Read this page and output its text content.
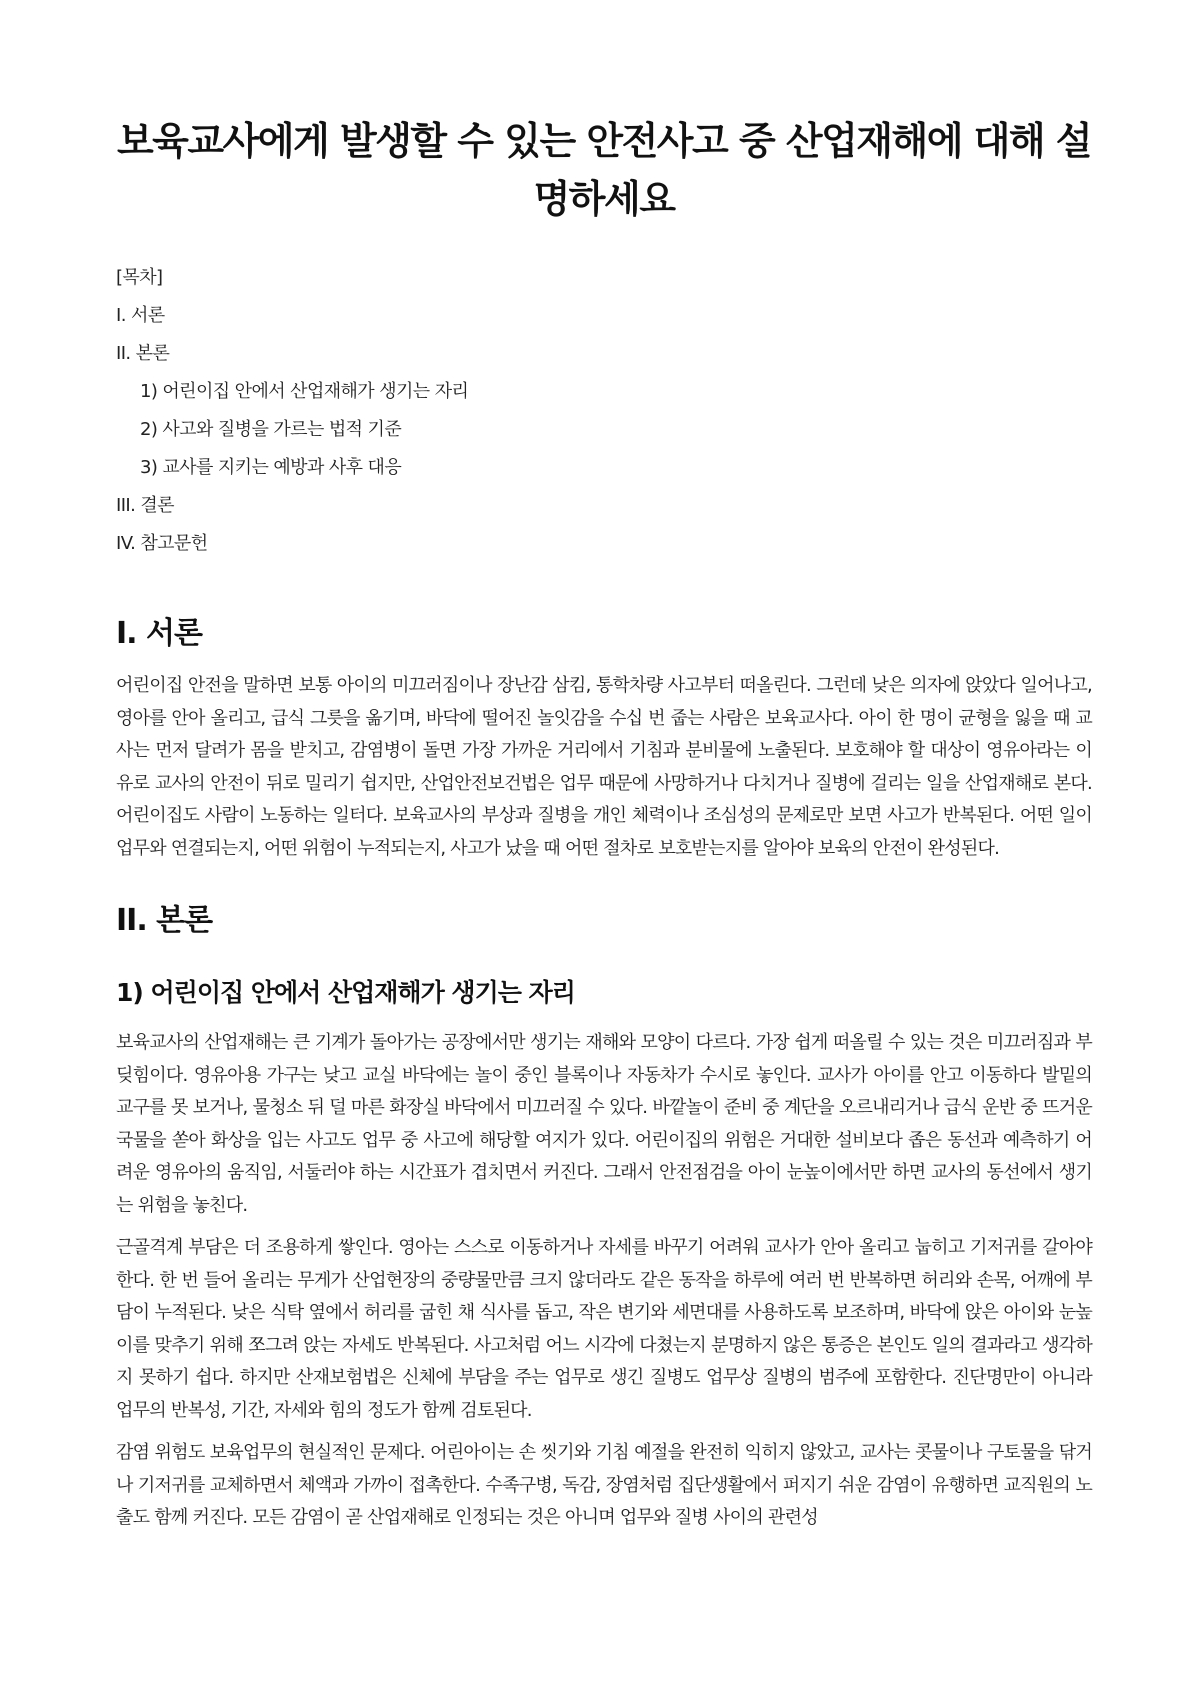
보육교사에게 발생할 수 있는 안전사고 중 산업재해에 대해 설명하세요
[목차]
I. 서론
II. 본론
1) 어린이집 안에서 산업재해가 생기는 자리
2) 사고와 질병을 가르는 법적 기준
3) 교사를 지키는 예방과 사후 대응
III. 결론
IV. 참고문헌
I. 서론

어린이집 안전을 말하면 보통 아이의 미끄러짐이나 장난감 삼킴, 통학차량 사고부터 떠올린다. 그런데 낮은 의자에 앉았다 일어나고, 영아를 안아 올리고, 급식 그릇을 옮기며, 바닥에 떨어진 놀잇감을 수십 번 줍는 사람은 보육교사다. 아이 한 명이 균형을 잃을 때 교사는 먼저 달려가 몸을 받치고, 감염병이 돌면 가장 가까운 거리에서 기침과 분비물에 노출된다. 보호해야 할 대상이 영유아라는 이유로 교사의 안전이 뒤로 밀리기 쉽지만, 산업안전보건법은 업무 때문에 사망하거나 다치거나 질병에 걸리는 일을 산업재해로 본다. 어린이집도 사람이 노동하는 일터다. 보육교사의 부상과 질병을 개인 체력이나 조심성의 문제로만 보면 사고가 반복된다. 어떤 일이 업무와 연결되는지, 어떤 위험이 누적되는지, 사고가 났을 때 어떤 절차로 보호받는지를 알아야 보육의 안전이 완성된다.

II. 본론
1) 어린이집 안에서 산업재해가 생기는 자리

보육교사의 산업재해는 큰 기계가 돌아가는 공장에서만 생기는 재해와 모양이 다르다. 가장 쉽게 떠올릴 수 있는 것은 미끄러짐과 부딪힘이다. 영유아용 가구는 낮고 교실 바닥에는 놀이 중인 블록이나 자동차가 수시로 놓인다. 교사가 아이를 안고 이동하다 발밑의 교구를 못 보거나, 물청소 뒤 덜 마른 화장실 바닥에서 미끄러질 수 있다. 바깥놀이 준비 중 계단을 오르내리거나 급식 운반 중 뜨거운 국물을 쏟아 화상을 입는 사고도 업무 중 사고에 해당할 여지가 있다. 어린이집의 위험은 거대한 설비보다 좁은 동선과 예측하기 어려운 영유아의 움직임, 서둘러야 하는 시간표가 겹치면서 커진다. 그래서 안전점검을 아이 눈높이에서만 하면 교사의 동선에서 생기는 위험을 놓친다.

근골격계 부담은 더 조용하게 쌓인다. 영아는 스스로 이동하거나 자세를 바꾸기 어려워 교사가 안아 올리고 눕히고 기저귀를 갈아야 한다. 한 번 들어 올리는 무게가 산업현장의 중량물만큼 크지 않더라도 같은 동작을 하루에 여러 번 반복하면 허리와 손목, 어깨에 부담이 누적된다. 낮은 식탁 옆에서 허리를 굽힌 채 식사를 돕고, 작은 변기와 세면대를 사용하도록 보조하며, 바닥에 앉은 아이와 눈높이를 맞추기 위해 쪼그려 앉는 자세도 반복된다. 사고처럼 어느 시각에 다쳤는지 분명하지 않은 통증은 본인도 일의 결과라고 생각하지 못하기 쉽다. 하지만 산재보험법은 신체에 부담을 주는 업무로 생긴 질병도 업무상 질병의 범주에 포함한다. 진단명만이 아니라 업무의 반복성, 기간, 자세와 힘의 정도가 함께 검토된다.

감염 위험도 보육업무의 현실적인 문제다. 어린아이는 손 씻기와 기침 예절을 완전히 익히지 않았고, 교사는 콧물이나 구토물을 닦거나 기저귀를 교체하면서 체액과 가까이 접촉한다. 수족구병, 독감, 장염처럼 집단생활에서 퍼지기 쉬운 감염이 유행하면 교직원의 노출도 함께 커진다. 모든 감염이 곧 산업재해로 인정되는 것은 아니며 업무와 질병 사이의 관련성
